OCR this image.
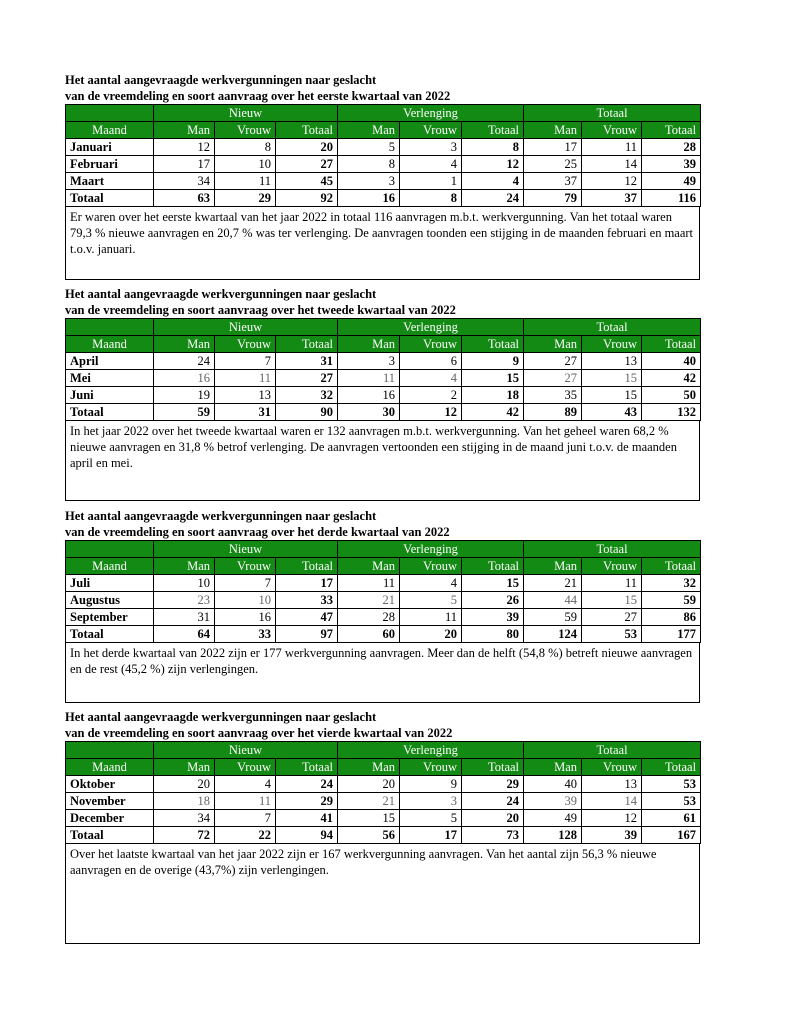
Het aantal aangevraagde werkvergunningen naar geslacht

van de vreemdeling en soort aanvraag over het eerste kwartaal van 2022

	Nieuw			Verlenging			Totaal		
Maand	Man	Vrouw	Totaal	Man	Vrouw	Totaal	Man	Vrouw	Totaal
Januari	12	8	20	5	3	8	17	11	28
Februari	17	10	27	8	4	12	25	14	39
Maart	34	11	45	3	1	4	37	12	49
Totaal	63	29	92	16	8	24	79	37	116
Er waren over het eerste kwartaal van het jaar 2022 in totaal 116 aanvragen m.b.t. werkvergunning. Van het totaal waren 79,3 % nieuwe aanvragen en 20,7 % was ter verlenging. De aanvragen toonden een stijging in de maanden februari en maart t.o.v. januari.

Het aantal aangevraagde werkvergunningen naar geslacht

van de vreemdeling en soort aanvraag over het tweede kwartaal van 2022

	Nieuw			Verlenging			Totaal		
Maand	Man	Vrouw	Totaal	Man	Vrouw	Totaal	Man	Vrouw	Totaal
April	24	7	31	3	6	9	27	13	40
Mei	16	11	27	11	4	15	27	15	42
Juni	19	13	32	16	2	18	35	15	50
Totaal	59	31	90	30	12	42	89	43	132
In het jaar 2022 over het tweede kwartaal waren er 132 aanvragen m.b.t. werkvergunning. Van het geheel waren 68,2 % nieuwe aanvragen en 31,8 % betrof verlenging. De aanvragen vertoonden een stijging in de maand juni t.o.v. de maanden april en mei.

Het aantal aangevraagde werkvergunningen naar geslacht

van de vreemdeling en soort aanvraag over het derde kwartaal van 2022

	Nieuw			Verlenging			Totaal		
Maand	Man	Vrouw	Totaal	Man	Vrouw	Totaal	Man	Vrouw	Totaal
Juli	10	7	17	11	4	15	21	11	32
Augustus	23	10	33	21	5	26	44	15	59
September	31	16	47	28	11	39	59	27	86
Totaal	64	33	97	60	20	80	124	53	177
In het derde kwartaal van 2022 zijn er 177 werkvergunning aanvragen. Meer dan de helft (54,8 %) betreft nieuwe aanvragen en de rest (45,2 %) zijn verlengingen.

Het aantal aangevraagde werkvergunningen naar geslacht

van de vreemdeling en soort aanvraag over het vierde kwartaal van 2022

	Nieuw			Verlenging			Totaal		
Maand	Man	Vrouw	Totaal	Man	Vrouw	Totaal	Man	Vrouw	Totaal
Oktober	20	4	24	20	9	29	40	13	53
November	18	11	29	21	3	24	39	14	53
December	34	7	41	15	5	20	49	12	61
Totaal	72	22	94	56	17	73	128	39	167
Over het laatste kwartaal van het jaar 2022 zijn er 167 werkvergunning aanvragen. Van het aantal zijn 56,3 % nieuwe aanvragen en de overige (43,7%) zijn verlengingen.
